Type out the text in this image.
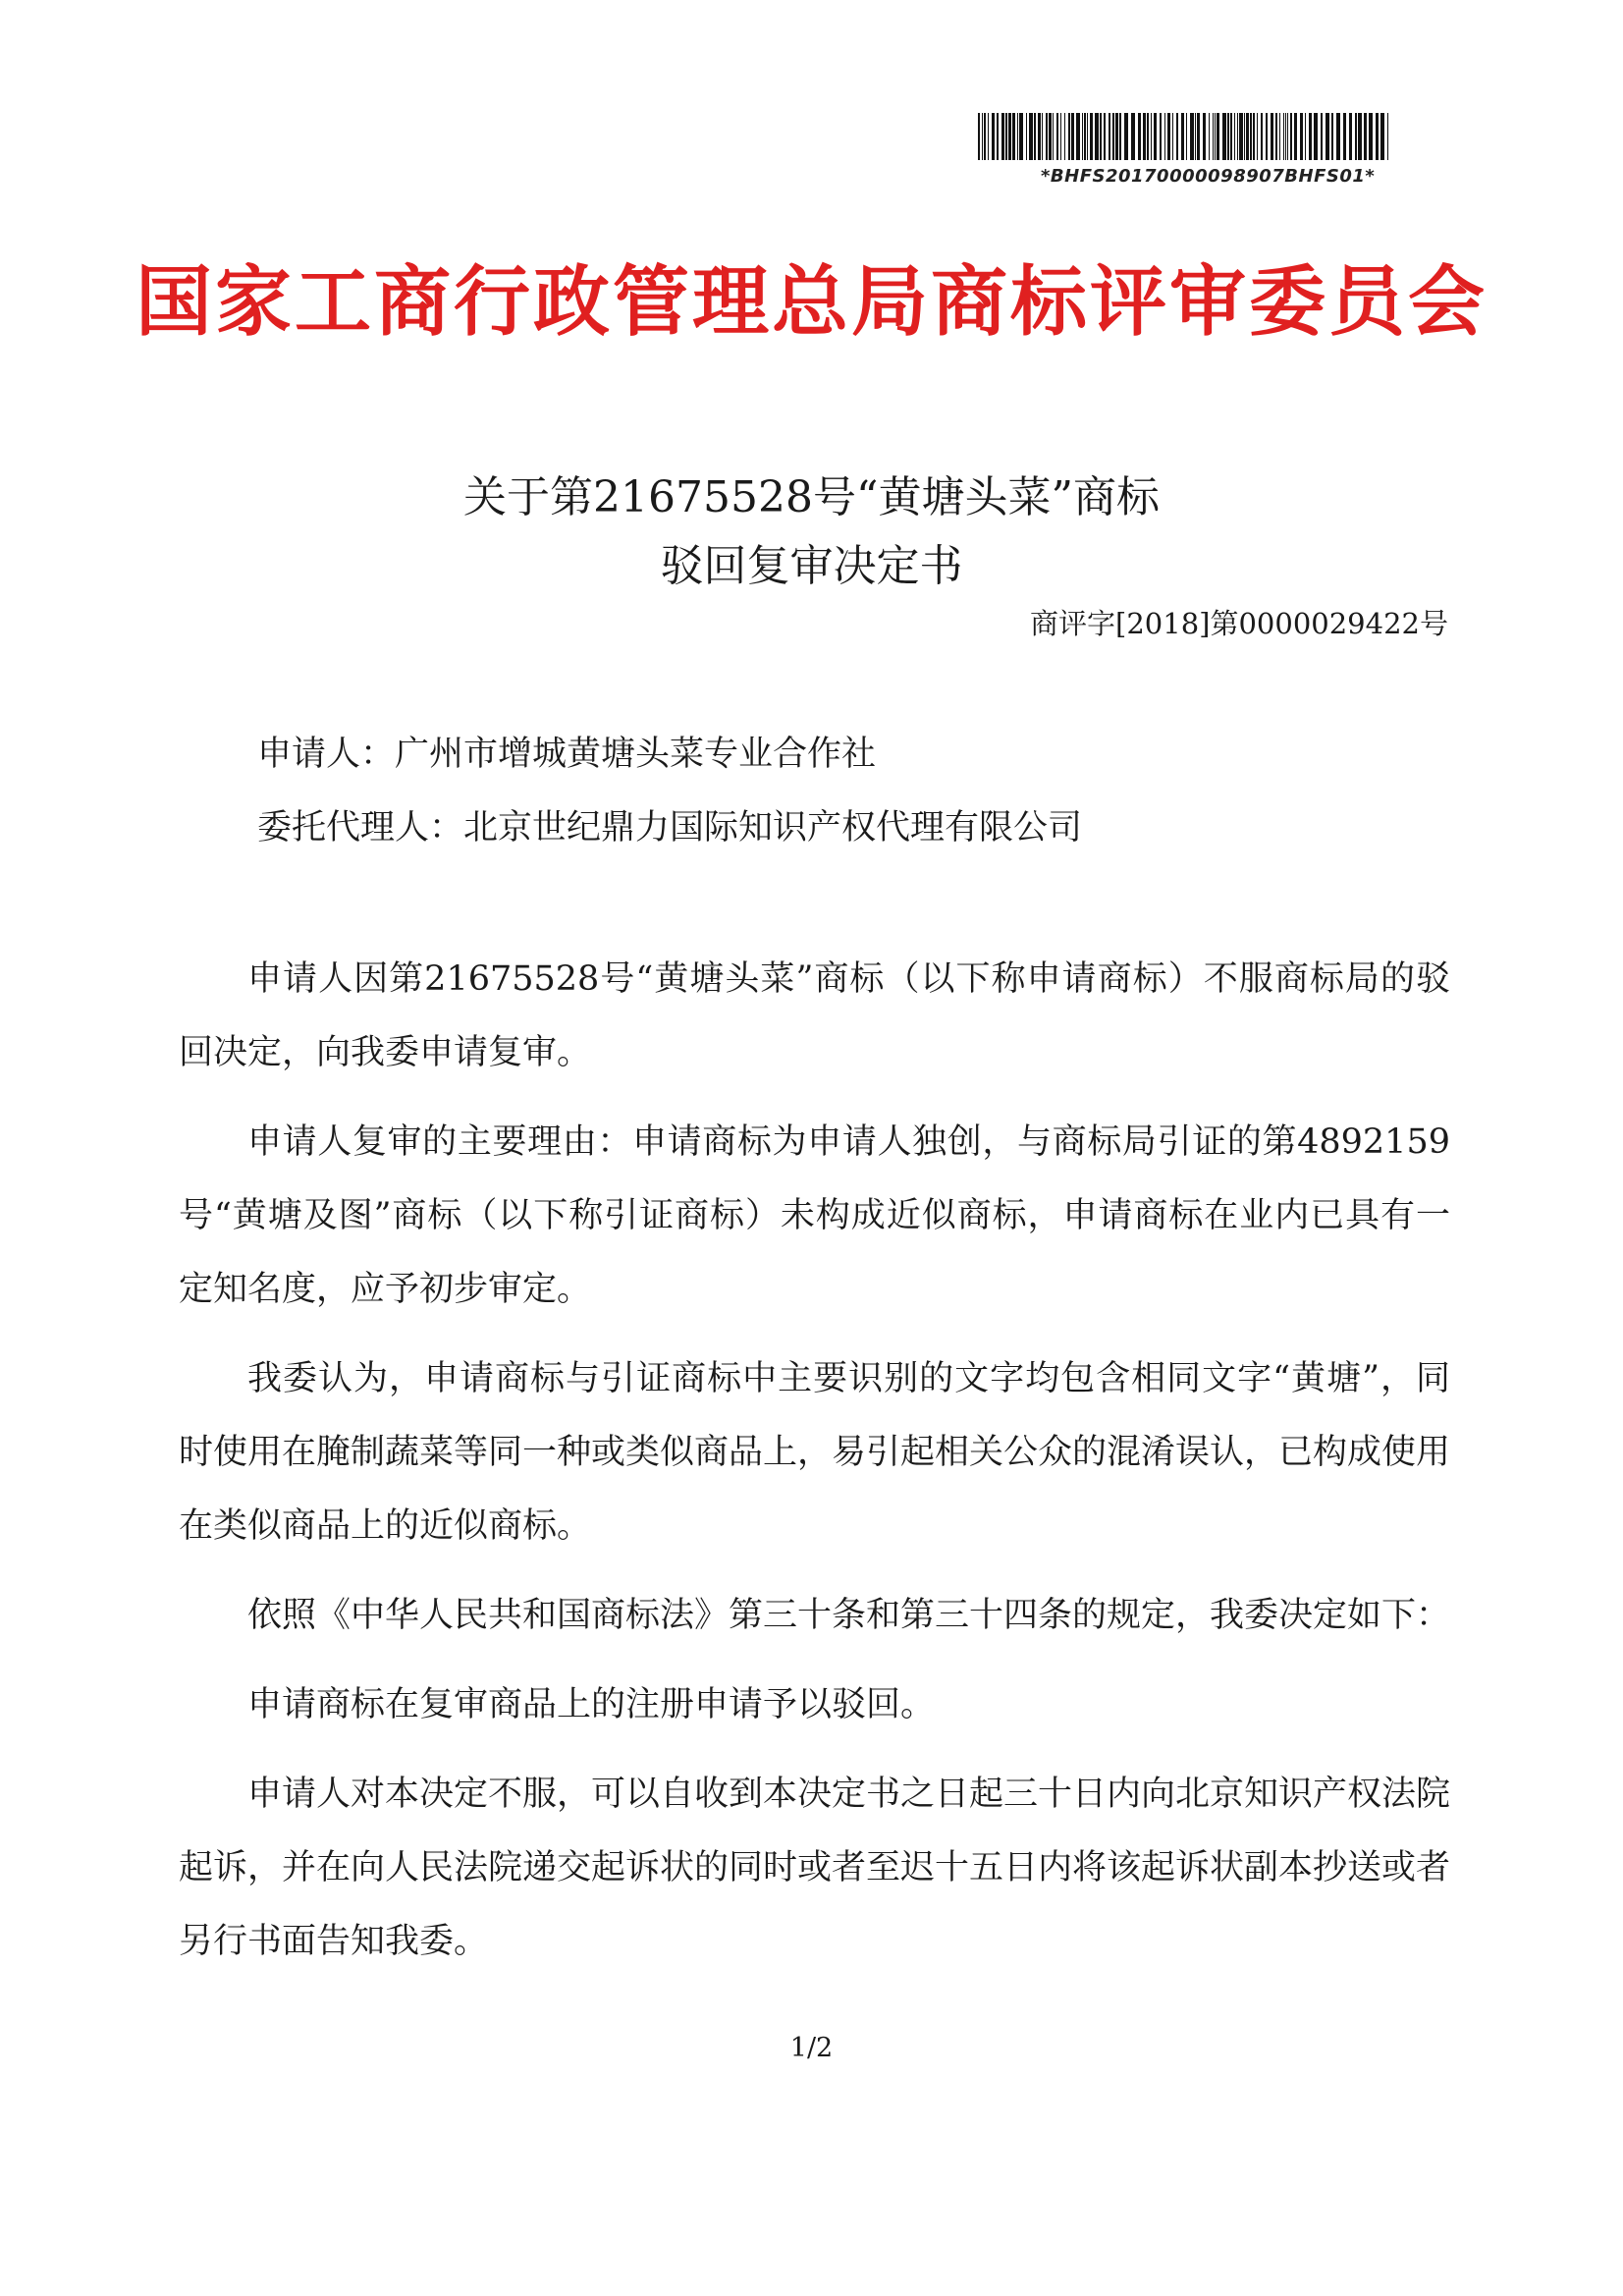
*BHFS20170000098907BHFS01*
国家工商行政管理总局商标评审委员会
关于第21675528号“黄塘头菜”商标
驳回复审决定书
商评字[2018]第0000029422号
申请人：广州市增城黄塘头菜专业合作社
委托代理人：北京世纪鼎力国际知识产权代理有限公司

申请人因第21675528号“黄塘头菜”商标（以下称申请商标）不服商标局的驳回决定，向我委申请复审。

申请人复审的主要理由：申请商标为申请人独创，与商标局引证的第4892159号“黄塘及图”商标（以下称引证商标）未构成近似商标，申请商标在业内已具有一定知名度，应予初步审定。

我委认为，申请商标与引证商标中主要识别的文字均包含相同文字“黄塘”，同时使用在腌制蔬菜等同一种或类似商品上，易引起相关公众的混淆误认，已构成使用在类似商品上的近似商标。

依照《中华人民共和国商标法》第三十条和第三十四条的规定，我委决定如下：

申请商标在复审商品上的注册申请予以驳回。

申请人对本决定不服，可以自收到本决定书之日起三十日内向北京知识产权法院起诉，并在向人民法院递交起诉状的同时或者至迟十五日内将该起诉状副本抄送或者另行书面告知我委。

1/2
